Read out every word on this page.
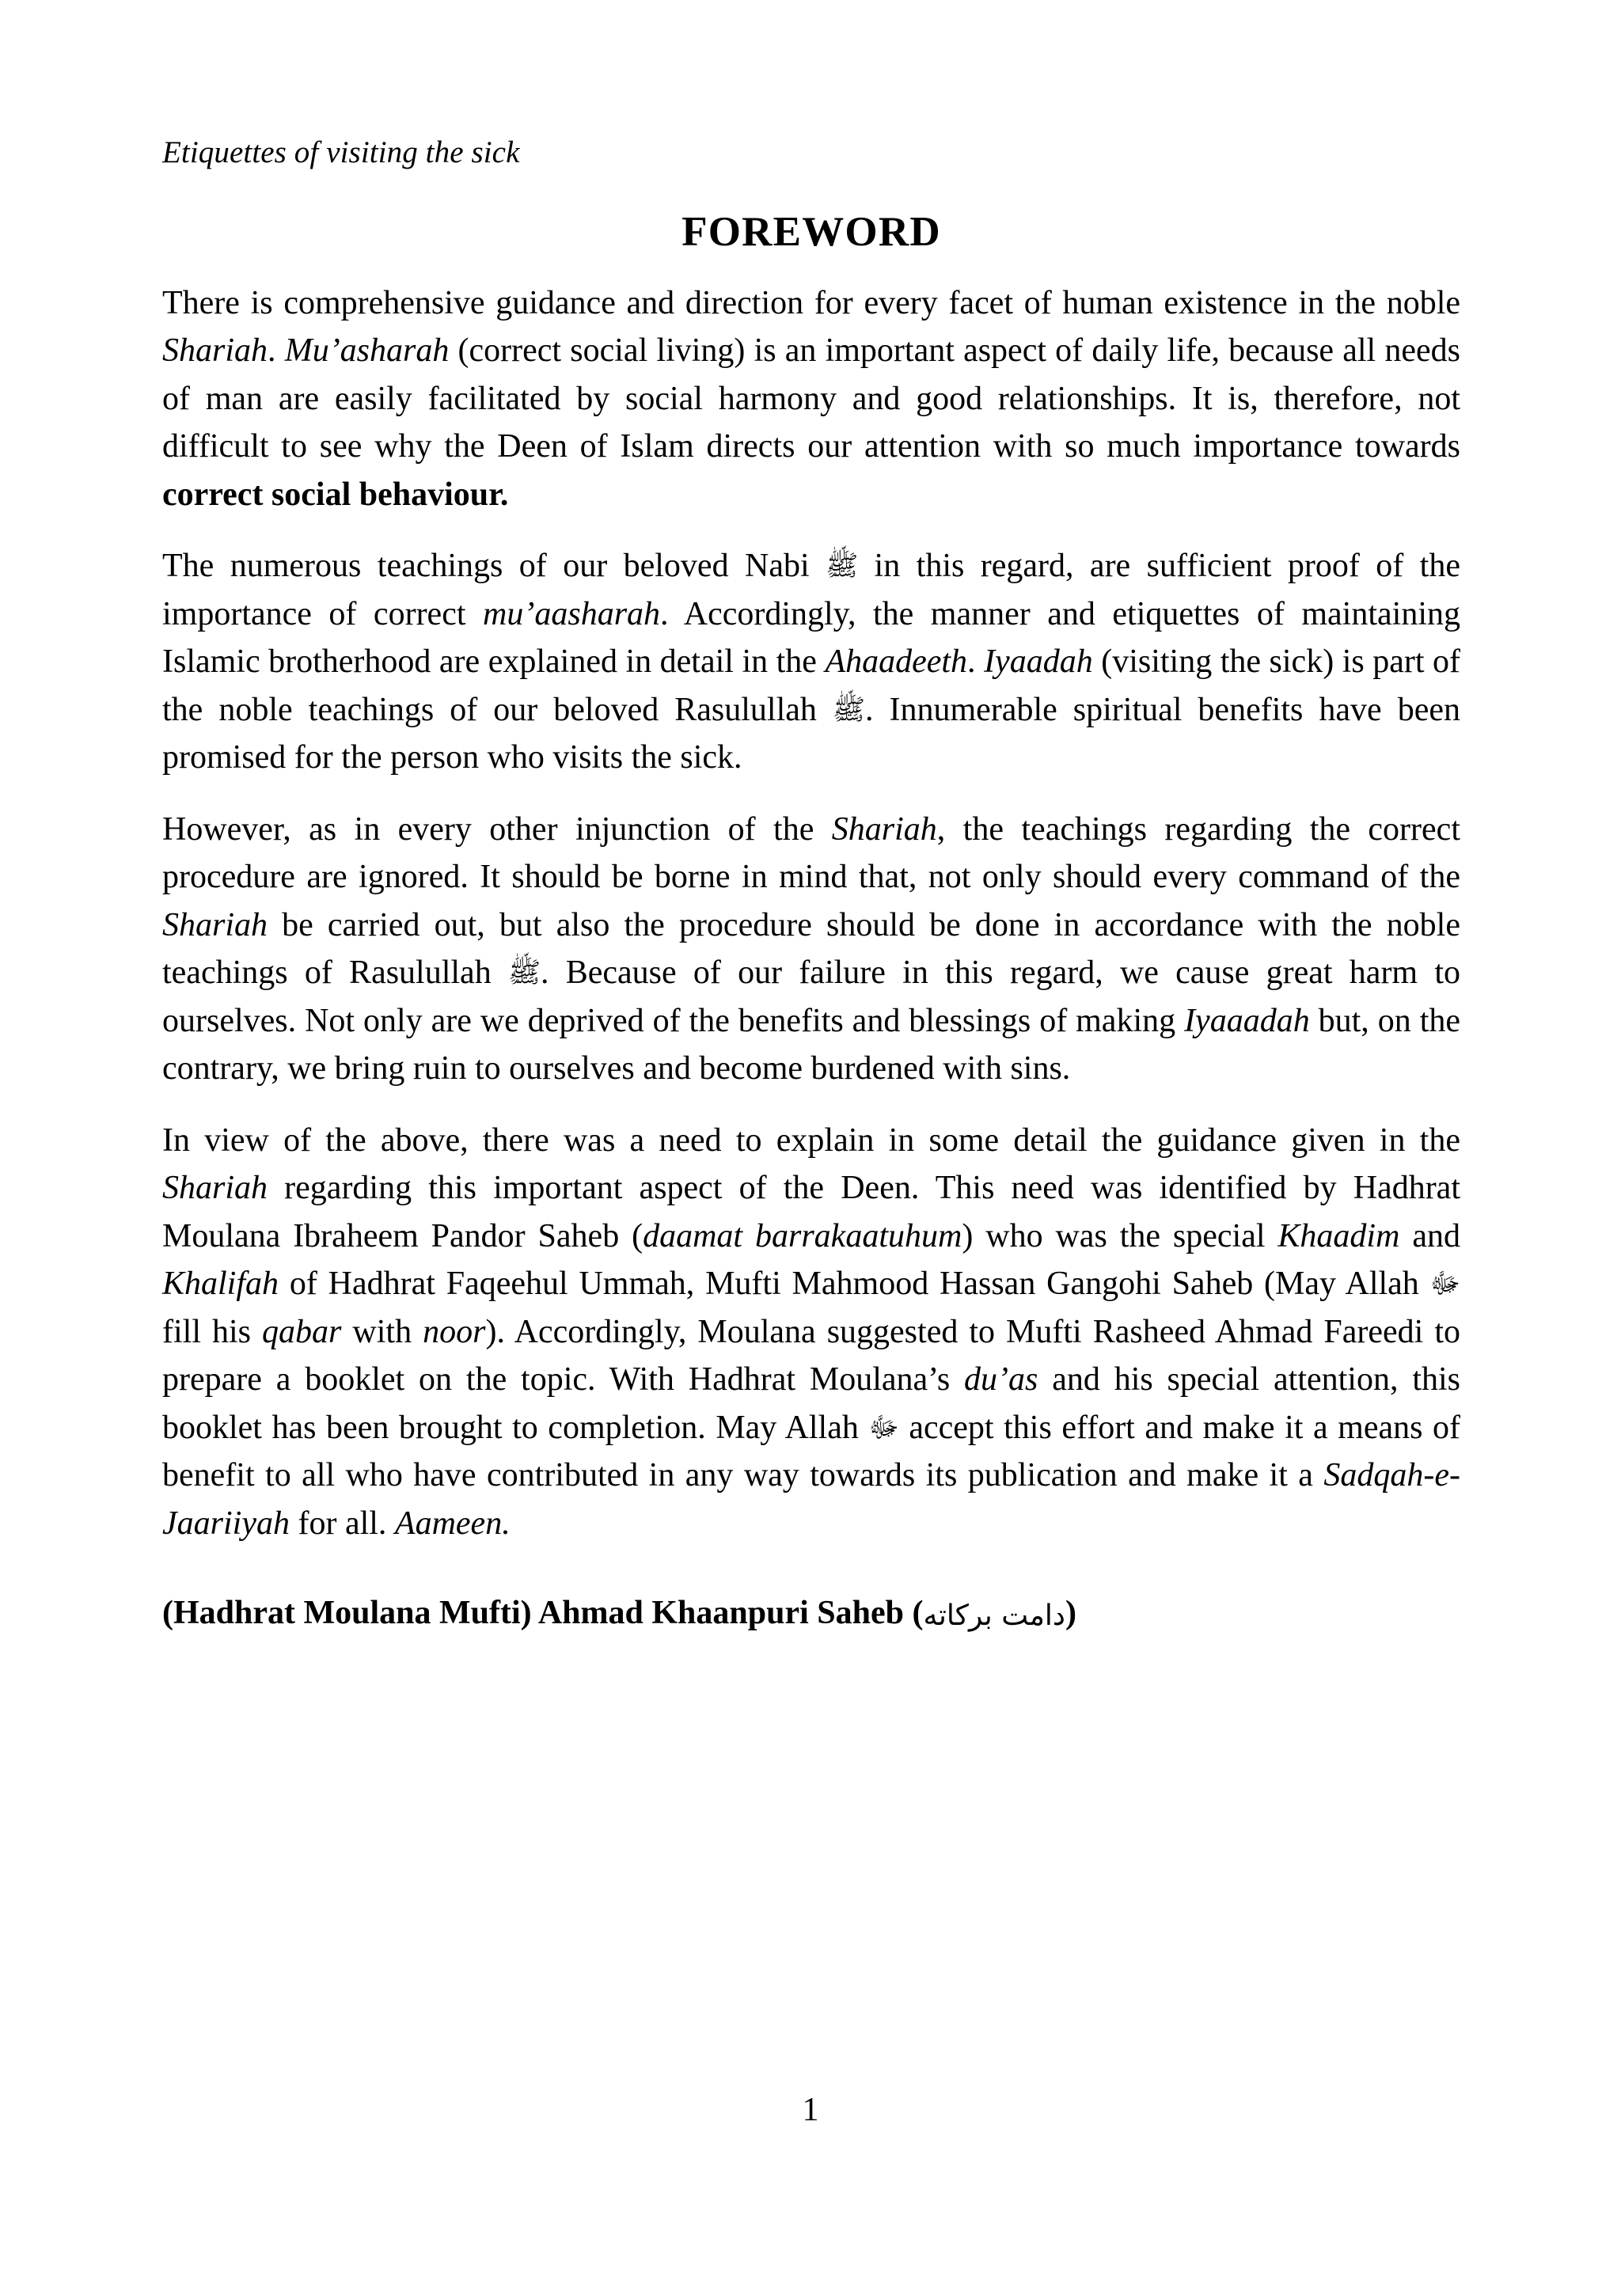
Etiquettes of visiting the sick

FOREWORD

There is comprehensive guidance and direction for every facet of human existence in the noble Shariah. Mu’asharah (correct social living) is an important aspect of daily life, because all needs of man are easily facilitated by social harmony and good relationships. It is, therefore, not difficult to see why the Deen of Islam directs our attention with so much importance towards correct social behaviour.

The numerous teachings of our beloved Nabi ﷺ in this regard, are sufficient proof of the importance of correct mu’aasharah. Accordingly, the manner and etiquettes of maintaining Islamic brotherhood are explained in detail in the Ahaadeeth. Iyaadah (visiting the sick) is part of the noble teachings of our beloved Rasulullah ﷺ. Innumerable spiritual benefits have been promised for the person who visits the sick.

However, as in every other injunction of the Shariah, the teachings regarding the correct procedure are ignored. It should be borne in mind that, not only should every command of the Shariah be carried out, but also the procedure should be done in accordance with the noble teachings of Rasulullah ﷺ. Because of our failure in this regard, we cause great harm to ourselves. Not only are we deprived of the benefits and blessings of making Iyaaadah but, on the contrary, we bring ruin to ourselves and become burdened with sins.

In view of the above, there was a need to explain in some detail the guidance given in the Shariah regarding this important aspect of the Deen. This need was identified by Hadhrat Moulana Ibraheem Pandor Saheb (daamat barrakaatuhum) who was the special Khaadim and Khalifah of Hadhrat Faqeehul Ummah, Mufti Mahmood Hassan Gangohi Saheb (May Allah ﷻ fill his qabar with noor). Accordingly, Moulana suggested to Mufti Rasheed Ahmad Fareedi to prepare a booklet on the topic. With Hadhrat Moulana’s du’as and his special attention, this booklet has been brought to completion. May Allah ﷻ accept this effort and make it a means of benefit to all who have contributed in any way towards its publication and make it a Sadqah-e-Jaariiyah for all. Aameen.

(Hadhrat Moulana Mufti) Ahmad Khaanpuri Saheb (دامت بركاته)

1
